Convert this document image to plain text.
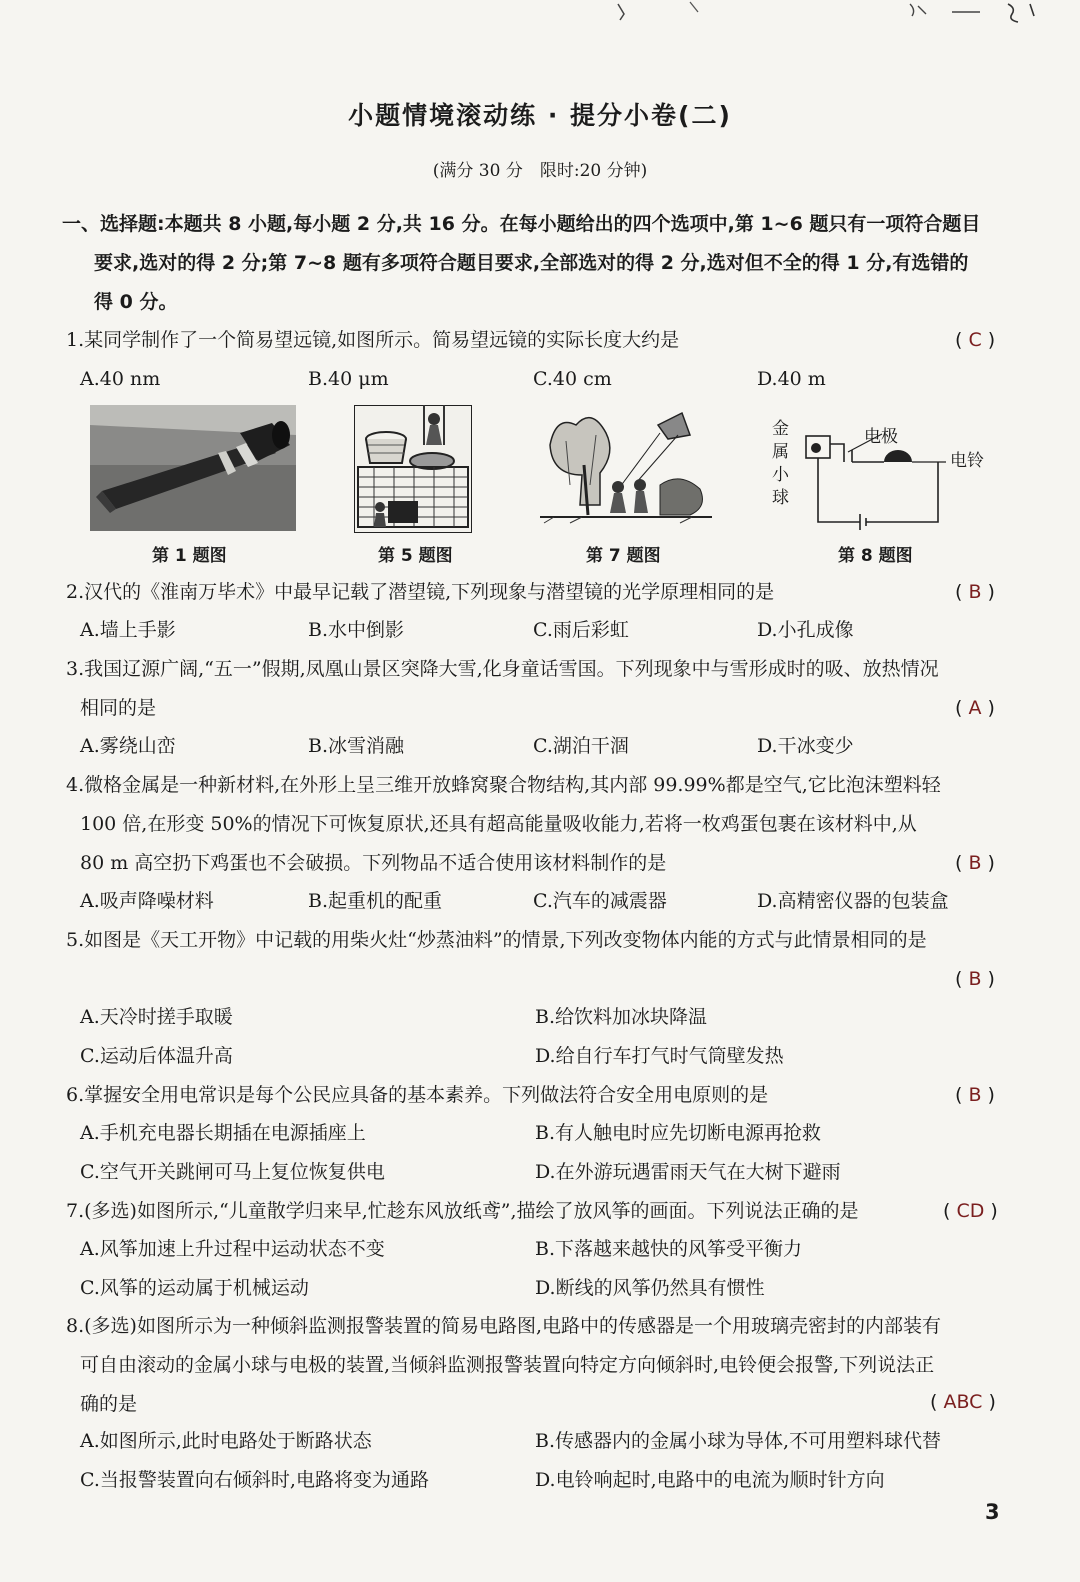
小题情境滚动练 · 提分小卷(二)
(满分 30 分　限时:20 分钟)
一、选择题:本题共 8 小题,每小题 2 分,共 16 分。在每小题给出的四个选项中,第 1~6 题只有一项符合题目
要求,选对的得 2 分;第 7~8 题有多项符合题目要求,全部选对的得 2 分,选对但不全的得 1 分,有选错的
得 0 分。
1.某同学制作了一个简易望远镜,如图所示。简易望远镜的实际长度大约是	( C )
A.40 nm	B.40 μm	C.40 cm	D.40 m
金
属
小
球
电极
电铃
第 1 题图	第 5 题图	第 7 题图	第 8 题图
2.汉代的《淮南万毕术》中最早记载了潜望镜,下列现象与潜望镜的光学原理相同的是	( B )
A.墙上手影	B.水中倒影	C.雨后彩虹	D.小孔成像
3.我国辽源广阔,“五一”假期,凤凰山景区突降大雪,化身童话雪国。下列现象中与雪形成时的吸、放热情况
相同的是	( A )
A.雾绕山峦	B.冰雪消融	C.湖泊干涸	D.干冰变少
4.微格金属是一种新材料,在外形上呈三维开放蜂窝聚合物结构,其内部 99.99%都是空气,它比泡沫塑料轻
100 倍,在形变 50%的情况下可恢复原状,还具有超高能量吸收能力,若将一枚鸡蛋包裹在该材料中,从
80 m 高空扔下鸡蛋也不会破损。下列物品不适合使用该材料制作的是	( B )
A.吸声降噪材料	B.起重机的配重	C.汽车的减震器	D.高精密仪器的包装盒
5.如图是《天工开物》中记载的用柴火灶“炒蒸油料”的情景,下列改变物体内能的方式与此情景相同的是
( B )
A.天冷时搓手取暖	B.给饮料加冰块降温
C.运动后体温升高	D.给自行车打气时气筒壁发热
6.掌握安全用电常识是每个公民应具备的基本素养。下列做法符合安全用电原则的是	( B )
A.手机充电器长期插在电源插座上	B.有人触电时应先切断电源再抢救
C.空气开关跳闸可马上复位恢复供电	D.在外游玩遇雷雨天气在大树下避雨
7.(多选)如图所示,“儿童散学归来早,忙趁东风放纸鸢”,描绘了放风筝的画面。下列说法正确的是	( CD )
A.风筝加速上升过程中运动状态不变	B.下落越来越快的风筝受平衡力
C.风筝的运动属于机械运动	D.断线的风筝仍然具有惯性
8.(多选)如图所示为一种倾斜监测报警装置的简易电路图,电路中的传感器是一个用玻璃壳密封的内部装有
可自由滚动的金属小球与电极的装置,当倾斜监测报警装置向特定方向倾斜时,电铃便会报警,下列说法正
确的是	( ABC )
A.如图所示,此时电路处于断路状态	B.传感器内的金属小球为导体,不可用塑料球代替
C.当报警装置向右倾斜时,电路将变为通路	D.电铃响起时,电路中的电流为顺时针方向
3
